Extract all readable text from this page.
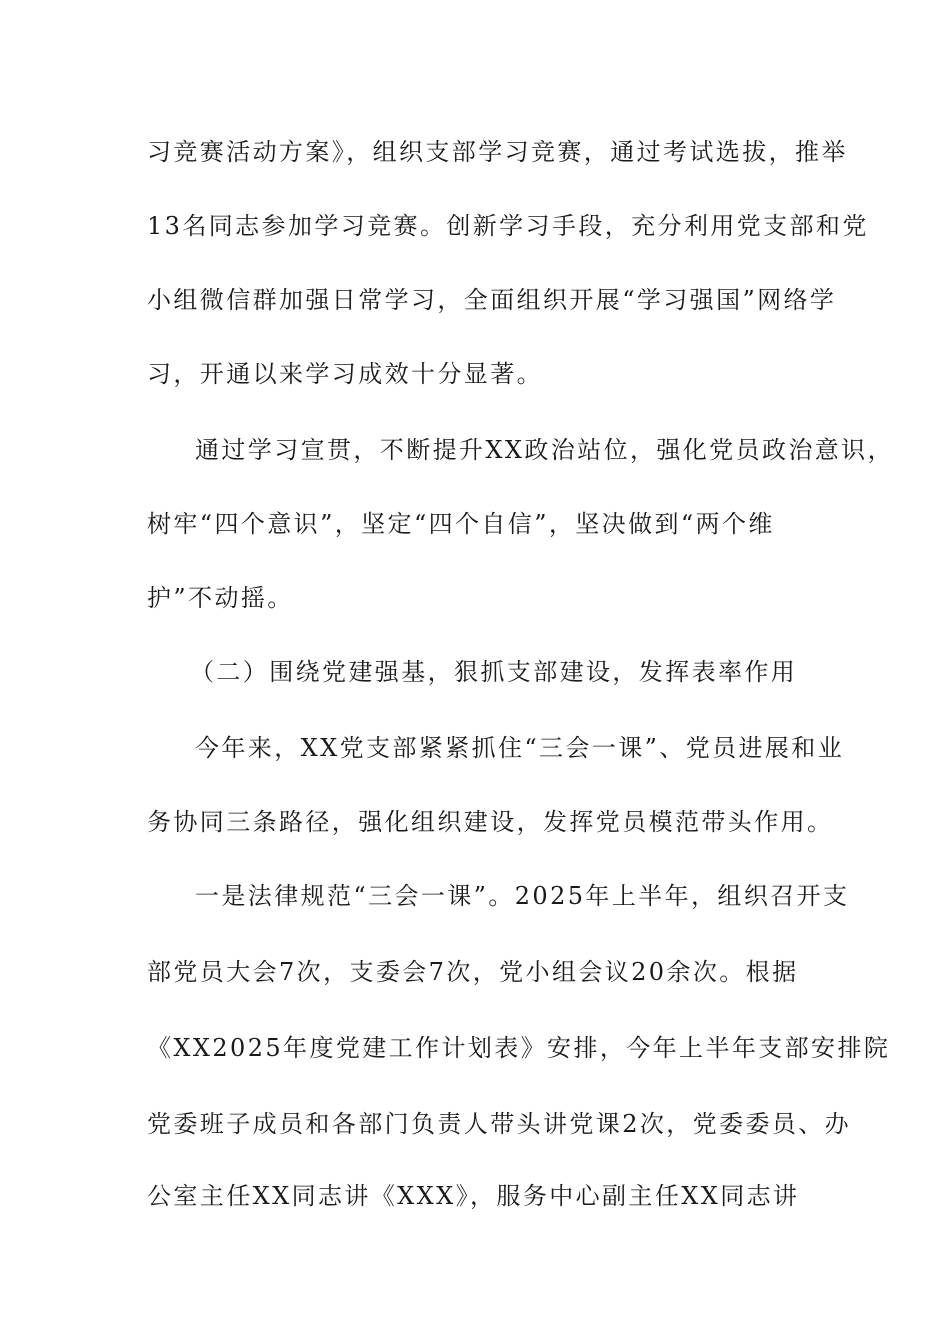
习竞赛活动方案》，组织支部学习竞赛，通过考试选拔，推举
13名同志参加学习竞赛。创新学习手段，充分利用党支部和党
小组微信群加强日常学习，全面组织开展“学习强国”网络学
习，开通以来学习成效十分显著。
通过学习宣贯，不断提升XX政治站位，强化党员政治意识，
树牢“四个意识”，坚定“四个自信”，坚决做到“两个维
护”不动摇。
（二）围绕党建强基，狠抓支部建设，发挥表率作用
今年来，XX党支部紧紧抓住“三会一课”、党员进展和业
务协同三条路径，强化组织建设，发挥党员模范带头作用。
一是法律规范“三会一课”。2025年上半年，组织召开支
部党员大会7次，支委会7次，党小组会议20余次。根据
《XX2025年度党建工作计划表》安排，今年上半年支部安排院
党委班子成员和各部门负责人带头讲党课2次，党委委员、办
公室主任XX同志讲《XXX》，服务中心副主任XX同志讲
